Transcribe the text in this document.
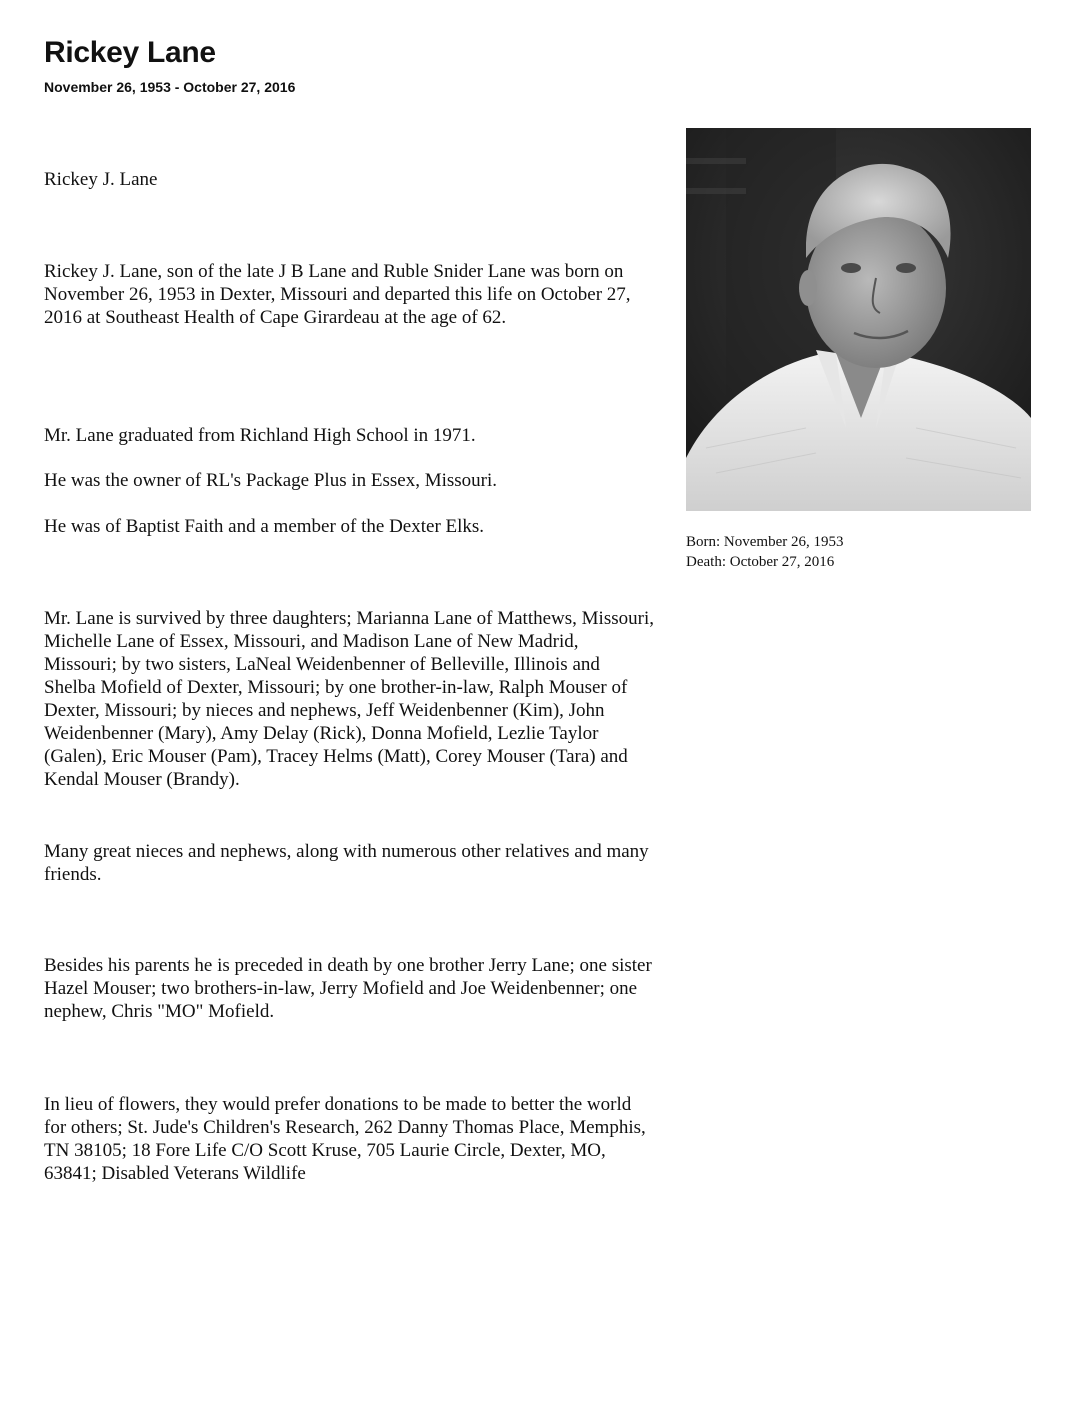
Rickey Lane
November 26, 1953 - October 27, 2016

Rickey J. Lane

Rickey J. Lane, son of the late J B Lane and Ruble Snider Lane was born on November 26, 1953 in Dexter, Missouri and departed this life on October 27, 2016 at Southeast Health of Cape Girardeau at the age of 62.

Mr. Lane graduated from Richland High School in 1971.

He was the owner of RL's Package Plus in Essex, Missouri.

He was of Baptist Faith and a member of the Dexter Elks.

Mr. Lane is survived by three daughters; Marianna Lane of Matthews, Missouri, Michelle Lane of Essex, Missouri, and Madison Lane of New Madrid, Missouri; by two sisters, LaNeal Weidenbenner of Belleville, Illinois and Shelba Mofield of Dexter, Missouri; by one brother-in-law, Ralph Mouser of Dexter, Missouri; by nieces and nephews, Jeff Weidenbenner (Kim), John Weidenbenner (Mary), Amy Delay (Rick), Donna Mofield, Lezlie Taylor (Galen), Eric Mouser (Pam), Tracey Helms (Matt), Corey Mouser (Tara) and Kendal Mouser (Brandy).

Many great nieces and nephews, along with numerous other relatives and many friends.

Besides his parents he is preceded in death by one brother Jerry Lane; one sister Hazel Mouser; two brothers-in-law, Jerry Mofield and Joe Weidenbenner; one nephew, Chris "MO" Mofield.

In lieu of flowers, they would prefer donations to be made to better the world for others; St. Jude's Children's Research, 262 Danny Thomas Place, Memphis, TN 38105; 18 Fore Life C/O Scott Kruse, 705 Laurie Circle, Dexter, MO, 63841; Disabled Veterans Wildlife

Born: November 26, 1953
Death: October 27, 2016
